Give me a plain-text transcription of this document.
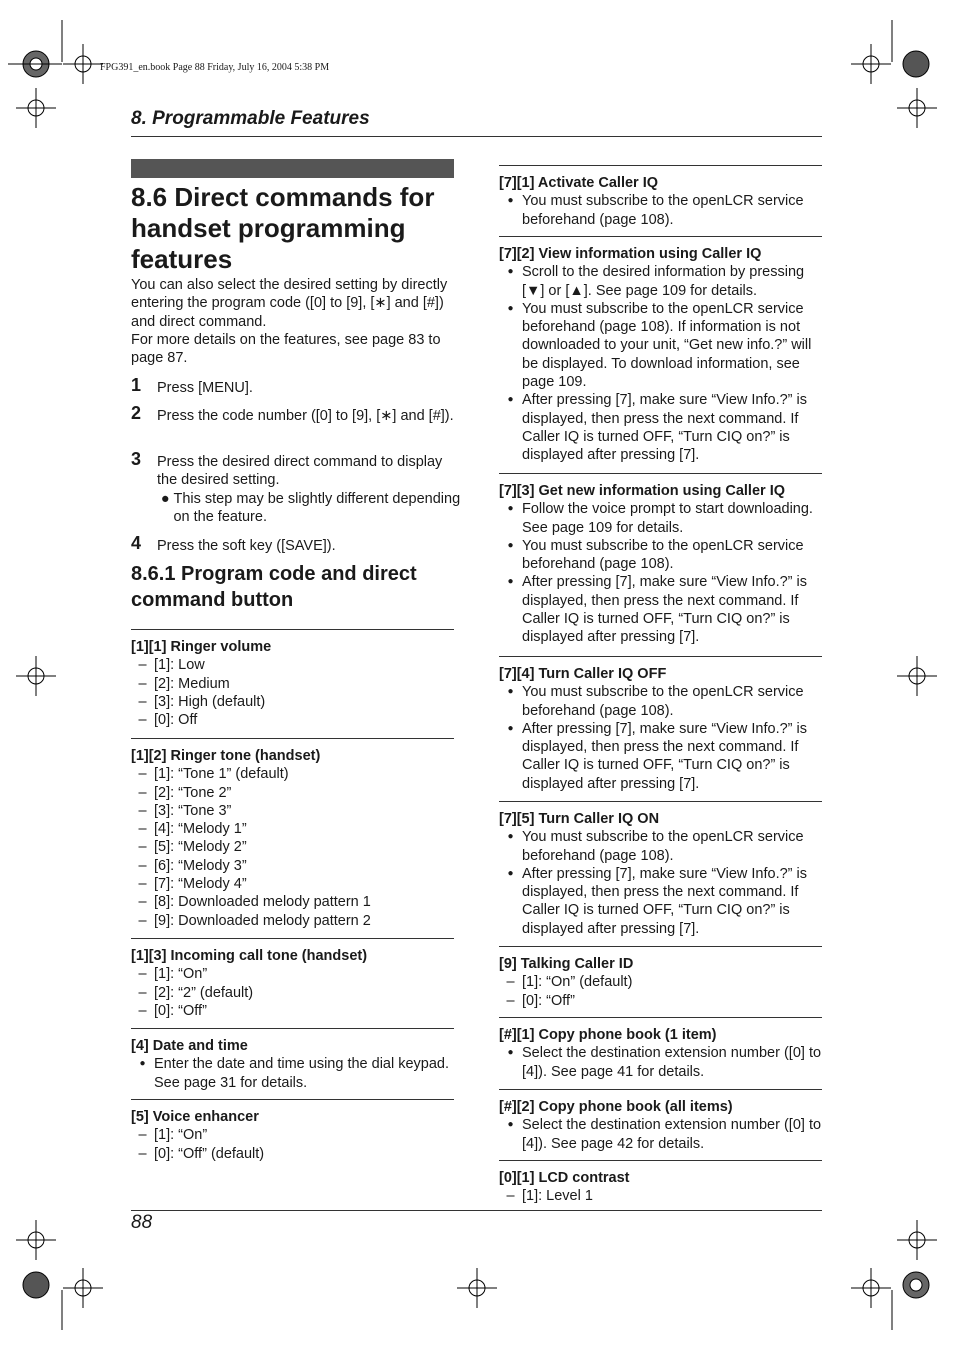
FPG391_en.book Page 88 Friday, July 16, 2004 5:38 PM
8. Programmable Features
8.6 Direct commands for handset programming features
You can also select the desired setting by directly entering the program code ([0] to [9], [∗] and [#]) and direct command.
For more details on the features, see page 83 to page 87.
1 Press [MENU].
2 Press the code number ([0] to [9], [∗] and [#]).
3 Press the desired direct command to display the desired setting.
● This step may be slightly different depending on the feature.
4 Press the soft key ([SAVE]).
8.6.1 Program code and direct command button
[1][1] Ringer volume
– [1]: Low
– [2]: Medium
– [3]: High (default)
– [0]: Off
[1][2] Ringer tone (handset)
– [1]: “Tone 1” (default)
– [2]: “Tone 2”
– [3]: “Tone 3”
– [4]: “Melody 1”
– [5]: “Melody 2”
– [6]: “Melody 3”
– [7]: “Melody 4”
– [8]: Downloaded melody pattern 1
– [9]: Downloaded melody pattern 2
[1][3] Incoming call tone (handset)
– [1]: “On”
– [2]: “2” (default)
– [0]: “Off”
[4] Date and time
● Enter the date and time using the dial keypad. See page 31 for details.
[5] Voice enhancer
– [1]: “On”
– [0]: “Off” (default)
[7][1] Activate Caller IQ
● You must subscribe to the openLCR service beforehand (page 108).
[7][2] View information using Caller IQ
● Scroll to the desired information by pressing [▼] or [▲]. See page 109 for details.
● You must subscribe to the openLCR service beforehand (page 108). If information is not downloaded to your unit, “Get new info.?” will be displayed. To download information, see page 109.
● After pressing [7], make sure “View Info.?” is displayed, then press the next command. If Caller IQ is turned OFF, “Turn CIQ on?” is displayed after pressing [7].
[7][3] Get new information using Caller IQ
● Follow the voice prompt to start downloading. See page 109 for details.
● You must subscribe to the openLCR service beforehand (page 108).
● After pressing [7], make sure “View Info.?” is displayed, then press the next command. If Caller IQ is turned OFF, “Turn CIQ on?” is displayed after pressing [7].
[7][4] Turn Caller IQ OFF
● You must subscribe to the openLCR service beforehand (page 108).
● After pressing [7], make sure “View Info.?” is displayed, then press the next command. If Caller IQ is turned OFF, “Turn CIQ on?” is displayed after pressing [7].
[7][5] Turn Caller IQ ON
● You must subscribe to the openLCR service beforehand (page 108).
● After pressing [7], make sure “View Info.?” is displayed, then press the next command. If Caller IQ is turned OFF, “Turn CIQ on?” is displayed after pressing [7].
[9] Talking Caller ID
– [1]: “On” (default)
– [0]: “Off”
[#][1] Copy phone book (1 item)
● Select the destination extension number ([0] to [4]). See page 41 for details.
[#][2] Copy phone book (all items)
● Select the destination extension number ([0] to [4]). See page 42 for details.
[0][1] LCD contrast
– [1]: Level 1
88
